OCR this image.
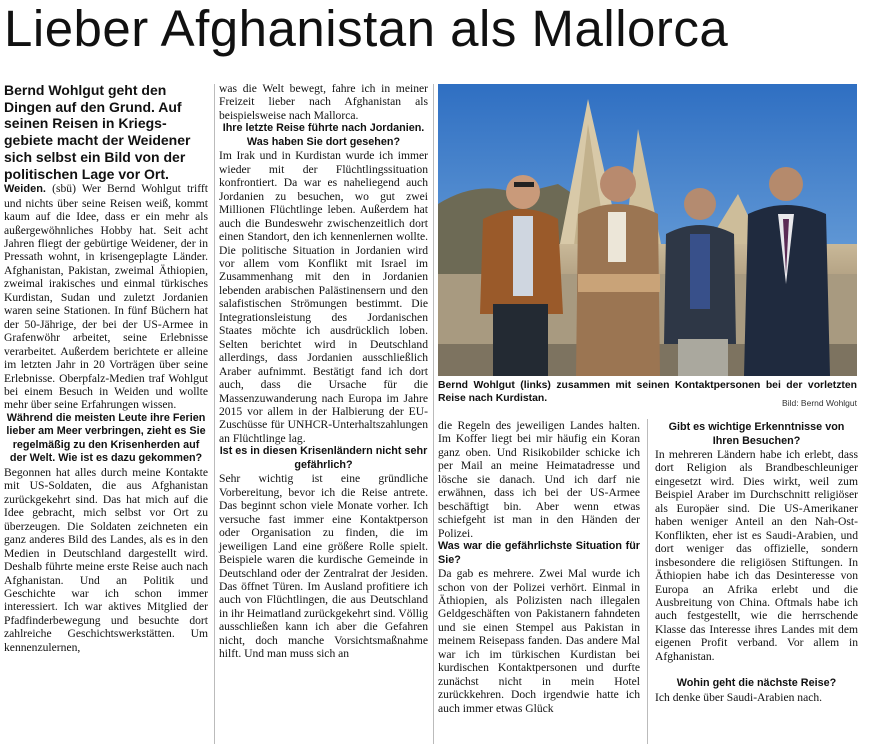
Lieber Afghanistan als Mallorca

Bernd Wohlgut geht den Dingen auf den Grund. Auf seinen Reisen in Kriegs-gebiete macht der Weidener sich selbst ein Bild von der politischen Lage vor Ort.

Weiden. (sbü) Wer Bernd Wohlgut trifft und nichts über seine Reisen weiß, kommt kaum auf die Idee, dass er ein mehr als außergewöhnliches Hobby hat. Seit acht Jahren fliegt der gebürtige Weidener, der in Pressath wohnt, in krisengeplagte Länder. Afghanistan, Pakistan, zweimal Äthiopien, zweimal irakisches und einmal türkisches Kurdistan, Sudan und zuletzt Jordanien waren seine Stationen. In fünf Büchern hat der 50-Jährige, der bei der US-Armee in Grafenwöhr arbeitet, seine Erlebnisse verarbeitet. Außerdem berichtete er alleine im letzten Jahr in 20 Vorträgen über seine Erlebnisse. Oberpfalz-Medien traf Wohlgut bei einem Besuch in Weiden und wollte mehr über seine Erfahrungen wissen.

Während die meisten Leute ihre Ferien lieber am Meer verbringen, zieht es Sie regelmäßig zu den Krisenherden auf der Welt. Wie ist es dazu gekommen?

Begonnen hat alles durch meine Kontakte mit US-Soldaten, die aus Afghanistan zurückgekehrt sind. Das hat mich auf die Idee gebracht, mich selbst vor Ort zu überzeugen. Die Soldaten zeichneten ein ganz anderes Bild des Landes, als es in den Medien in Deutschland dargestellt wird. Deshalb führte meine erste Reise auch nach Afghanistan. Und an Politik und Geschichte war ich schon immer interessiert. Ich war aktives Mitglied der Pfadfinderbewegung und besuchte dort zahlreiche Geschichtswerkstätten. Um kennenzulernen,

was die Welt bewegt, fahre ich in meiner Freizeit lieber nach Afghanistan als beispielsweise nach Mallorca.

Ihre letzte Reise führte nach Jordanien. Was haben Sie dort gesehen?

Im Irak und in Kurdistan wurde ich immer wieder mit der Flüchtlingssituation konfrontiert. Da war es naheliegend auch Jordanien zu besuchen, wo gut zwei Millionen Flüchtlinge leben. Außerdem hat auch die Bundeswehr zwischenzeitlich dort einen Standort, den ich kennenlernen wollte. Die politische Situation in Jordanien wird vor allem vom Konflikt mit Israel im Zusammenhang mit den in Jordanien lebenden arabischen Palästinensern und den salafistischen Strömungen bestimmt. Die Integrationsleistung des Jordanischen Staates möchte ich ausdrücklich loben. Selten berichtet wird in Deutschland allerdings, dass Jordanien ausschließlich Araber aufnimmt. Bestätigt fand ich dort auch, dass die Ursache für die Massenzuwanderung nach Europa im Jahre 2015 vor allem in der Halbierung der EU-Zuschüsse für UNHCR-Unterhaltszahlungen an Flüchtlinge lag.

Ist es in diesen Krisenländern nicht sehr gefährlich?

Sehr wichtig ist eine gründliche Vorbereitung, bevor ich die Reise antrete. Das beginnt schon viele Monate vorher. Ich versuche fast immer eine Kontaktperson oder Organisation zu finden, die im jeweiligen Land eine größere Rolle spielt. Beispiele waren die kurdische Gemeinde in Deutschland oder der Zentralrat der Jesiden. Das öffnet Türen. Im Ausland profitiere ich auch von Flüchtlingen, die aus Deutschland in ihr Heimatland zurückgekehrt sind. Völlig ausschließen kann ich aber die Gefahren nicht, doch manche Vorsichtsmaßnahme hilft. Und man muss sich an

Bernd Wohlgut (links) zusammen mit seinen Kontaktpersonen bei der vorletzten Reise nach Kurdistan.	Bild: Bernd Wohlgut

die Regeln des jeweiligen Landes halten. Im Koffer liegt bei mir häufig ein Koran ganz oben. Und Risikobilder schicke ich per Mail an meine Heimatadresse und lösche sie danach. Und ich darf nie erwähnen, dass ich bei der US-Armee beschäftigt bin. Aber wenn etwas schiefgeht ist man in den Händen der Polizei.

Was war die gefährlichste Situation für Sie?

Da gab es mehrere. Zwei Mal wurde ich schon von der Polizei verhört. Einmal in Äthiopien, als Polizisten nach illegalen Geldgeschäften von Pakistanern fahndeten und sie einen Stempel aus Pakistan in meinem Reisepass fanden. Das andere Mal war ich im türkischen Kurdistan bei kurdischen Kontaktpersonen und durfte zunächst nicht in mein Hotel zurückkehren. Doch irgendwie hatte ich auch immer etwas Glück

Gibt es wichtige Erkenntnisse von Ihren Besuchen?

In mehreren Ländern habe ich erlebt, dass dort Religion als Brandbeschleuniger eingesetzt wird. Dies wirkt, weil zum Beispiel Araber im Durchschnitt religiöser als Europäer sind. Die US-Amerikaner haben weniger Anteil an den Nah-Ost-Konflikten, eher ist es Saudi-Arabien, und dort weniger das offizielle, sondern insbesondere die religiösen Stiftungen. In Äthiopien habe ich das Desinteresse von Europa an Afrika erlebt und die Ausbreitung von China. Oftmals habe ich auch festgestellt, wie die herrschende Klasse das Interesse ihres Landes mit dem eigenen Profit verband. Vor allem in Afghanistan.

Wohin geht die nächste Reise?

Ich denke über Saudi-Arabien nach.
